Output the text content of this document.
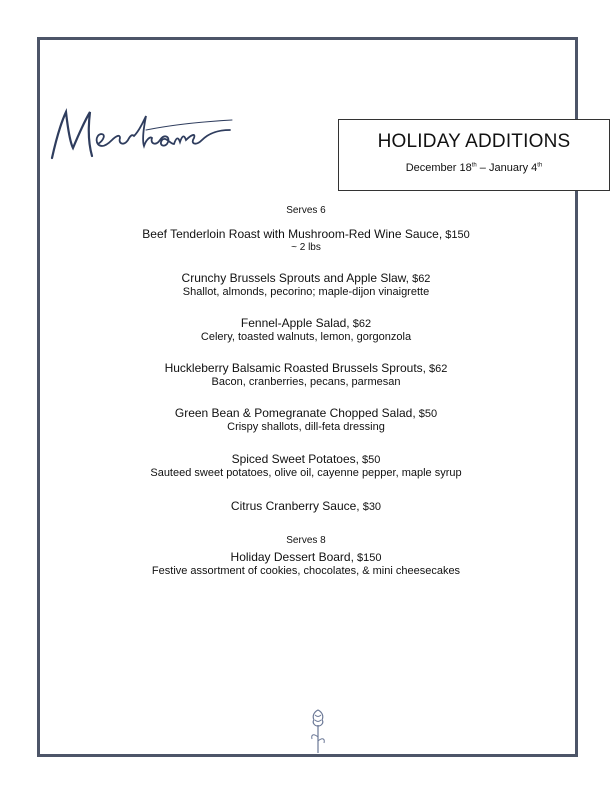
HOLIDAY ADDITIONS
December 18th – January 4th
Serves 6
Beef Tenderloin Roast with Mushroom-Red Wine Sauce, $150
~ 2 lbs
Crunchy Brussels Sprouts and Apple Slaw, $62
Shallot, almonds, pecorino; maple-dijon vinaigrette
Fennel-Apple Salad, $62
Celery, toasted walnuts, lemon, gorgonzola
Huckleberry Balsamic Roasted Brussels Sprouts, $62
Bacon, cranberries, pecans, parmesan
Green Bean & Pomegranate Chopped Salad, $50
Crispy shallots, dill-feta dressing
Spiced Sweet Potatoes, $50
Sauteed sweet potatoes, olive oil, cayenne pepper, maple syrup
Citrus Cranberry Sauce, $30
Serves 8
Holiday Dessert Board, $150
Festive assortment of cookies, chocolates, & mini cheesecakes
